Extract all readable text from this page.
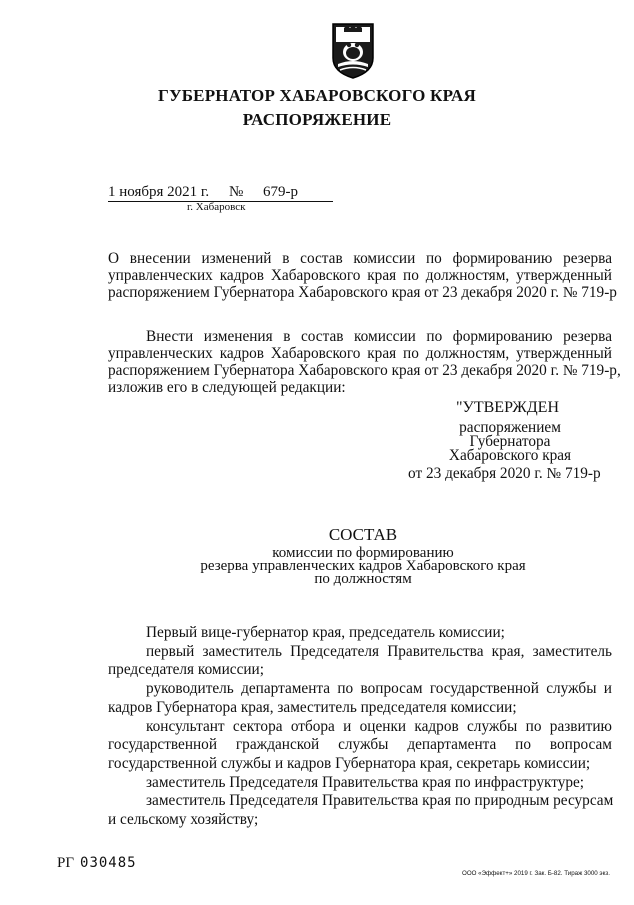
ГУБЕРНАТОР ХАБАРОВСКОГО КРАЯ
РАСПОРЯЖЕНИЕ
1 ноября 2021 г. № 679-р
г. Хабаровск
О внесении изменений в состав комиссии по формированию резерва
управленческих кадров Хабаровского края по должностям, утвержденный
распоряжением Губернатора Хабаровского края от 23 декабря 2020 г. № 719-р
Внести изменения в состав комиссии по формированию резерва
управленческих кадров Хабаровского края по должностям, утвержденный
распоряжением Губернатора Хабаровского края от 23 декабря 2020 г. № 719-р,
изложив его в следующей редакции:
"УТВЕРЖДЕН
распоряжением
Губернатора
Хабаровского края
от 23 декабря 2020 г. № 719-р
СОСТАВ
комиссии по формированию
резерва управленческих кадров Хабаровского края
по должностям
Первый вице-губернатор края, председатель комиссии;
первый заместитель Председателя Правительства края, заместитель
председателя комиссии;
руководитель департамента по вопросам государственной службы и
кадров Губернатора края, заместитель председателя комиссии;
консультант сектора отбора и оценки кадров службы по развитию
государственной гражданской службы департамента по вопросам
государственной службы и кадров Губернатора края, секретарь комиссии;
заместитель Председателя Правительства края по инфраструктуре;
заместитель Председателя Правительства края по природным ресурсам
и сельскому хозяйству;
РГ 030485
ООО «Эффект+» 2019 г. Зак. Б-82. Тираж 3000 экз.
